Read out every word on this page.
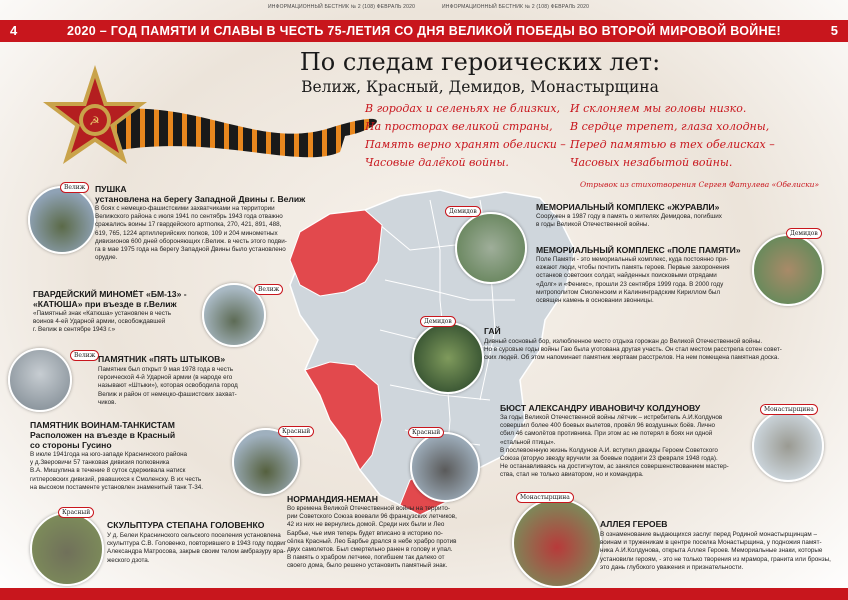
ИНФОРМАЦИОННЫЙ БЕСТНИК № 2 (108) ФЕВРАЛЬ 2020	ИНФОРМАЦИОННЫЙ БЕСТНИК № 2 (108) ФЕВРАЛЬ 2020
4	2020 – ГОД ПАМЯТИ И СЛАВЫ В ЧЕСТЬ 75-ЛЕТИЯ СО ДНЯ ВЕЛИКОЙ ПОБЕДЫ ВО ВТОРОЙ МИРОВОЙ ВОЙНЕ!	5
☭
По следам героических лет:
Велиж, Красный, Демидов, Монастырщина
В городах и селеньях не близких,
На просторах великой страны,
Память верно хранят обелиски –
Часовые далёкой войны.
И склоняем мы головы низко.
В сердце трепет, глаза холодны,
Перед памятью в тех обелисках –
Часовых незабытой войны.
Отрывок из стихотворения Сергея Фатулева «Обелиски»
Велиж
Велиж
Велиж
Красный
Красный
Демидов
Демидов
Демидов
Монастырщина
Красный
Монастырщина
ПУШКА
установлена на берегу Западной Двины г. Велиж
В боях с немецко-фашистскими захватчиками на территории
Велижского района с июля 1941 по сентябрь 1943 года отважно
сражались воины 17 гвардейского артполка, 270, 421, 891, 488,
619, 765, 1224 артиллерийских полков, 109 и 204 минометных
дивизионов 600 дней обороняющих г.Велиж. в честь этого подви-
га в мае 1975 года на берегу Западной Двины было установлено
орудие.
ГВАРДЕЙСКИЙ МИНОМЁТ «БМ-13» -
«КАТЮША» при въезде в г.Велиж
«Памятный знак «Катюша» установлен в честь
воинов 4-ей Ударной армии, освобождавшей
г. Велиж в сентябре 1943 г.»
ПАМЯТНИК «ПЯТЬ ШТЫКОВ»
Памятник был открыт 9 мая 1978 года в честь
героической 4-й Ударной армии (в народе его
называют «Штыки»), которая освободила город
Велиж и район от немецко-фашистских захват-
чиков.
ПАМЯТНИК ВОИНАМ-ТАНКИСТАМ
Расположен на въезде в Красный
со стороны Гусино
В июле 1941года на юго-западе Краснинского района
у д.Зверовичи 57 танковая дивизия полковника
В.А. Мишулина в течение 8 суток сдерживала натиск
гитлеровских дивизий, рвавшихся к Смоленску. В их честь
на высоком постаменте установлен знаменитый танк Т-34.
СКУЛЬПТУРА СТЕПАНА ГОЛОВЕНКО
У д. Белеи Краснинского сельского поселения установлена
скульптура С.В. Головенко, повторившего в 1943 году подвиг
Александра Матросова, закрыв своим телом амбразуру вра-
жеского дзота.
МЕМОРИАЛЬНЫЙ КОМПЛЕКС «ЖУРАВЛИ»
Сооружен в 1987 году в память о жителях Демидова, погибших
в годы Великой Отечественной войны.
МЕМОРИАЛЬНЫЙ КОМПЛЕКС «ПОЛЕ ПАМЯТИ»
Поле Памяти - это мемориальный комплекс, куда постоянно при-
езжают люди, чтобы почтить память героев. Первые захоронения
останков советских солдат, найденных поисковыми отрядами
«Долг» и «Феникс», прошли 23 сентября 1999 года. В 2000 году
митрополитом Смоленским и Калининградским Кириллом был
освящен камень в основании звонницы.
ГАЙ
Дивный сосновый бор, излюбленное место отдыха горожан до Великой Отечественной войны.
Но в суровые годы войны Гаю была уготована другая участь. Он стал местом расстрела сотен совет-
ских людей. Об этом напоминает памятник жертвам расстрелов. На нем помещена памятная доска.
БЮСТ АЛЕКСАНДРУ ИВАНОВИЧУ КОЛДУНОВУ
За годы Великой Отечественной войны лётчик – истребитель А.И.Колдунов
совершил более 400 боевых вылетов, провёл 96 воздушных боёв. Лично
сбил 46 самолётов противника. При этом ас не потерял в боях ни одной
«стальной птицы».
В послевоенную жизнь Колдунов А.И. вступил дважды Героем Советского
Союза (вторую звезду вручили за боевые подвиги 23 февраля 1948 года).
Не останавливаясь на достигнутом, ас занялся совершенствованием мастер-
ства, стал не только авиатором, но и командира.
НОРМАНДИЯ-НЕМАН
Во времена Великой Отечественной войны на террито-
рии Советского Союза воевали 96 французских летчиков,
42 из них не вернулись домой. Среди них были и Лео
Барбье, чье имя теперь будет вписано в историю по-
сёлка Красный. Лео Барбье дрался в небе храбро против
двух самолетов. Был смертельно ранен в голову и упал.
В память о храбром летчике, погибшем так далеко от
своего дома, было решено установить памятный знак.
АЛЛЕЯ ГЕРОЕВ
В ознаменование выдающихся заслуг перед Родиной монастырщинцам –
воинам и труженикам в центре поселка Монастырщина, у подножия памят-
ника А.И.Колдунова, открыта Аллея Героев. Мемориальные знаки, которые
установили героям, - это не только творения из мрамора, гранита или бронзы,
это дань глубокого уважения и признательности.
